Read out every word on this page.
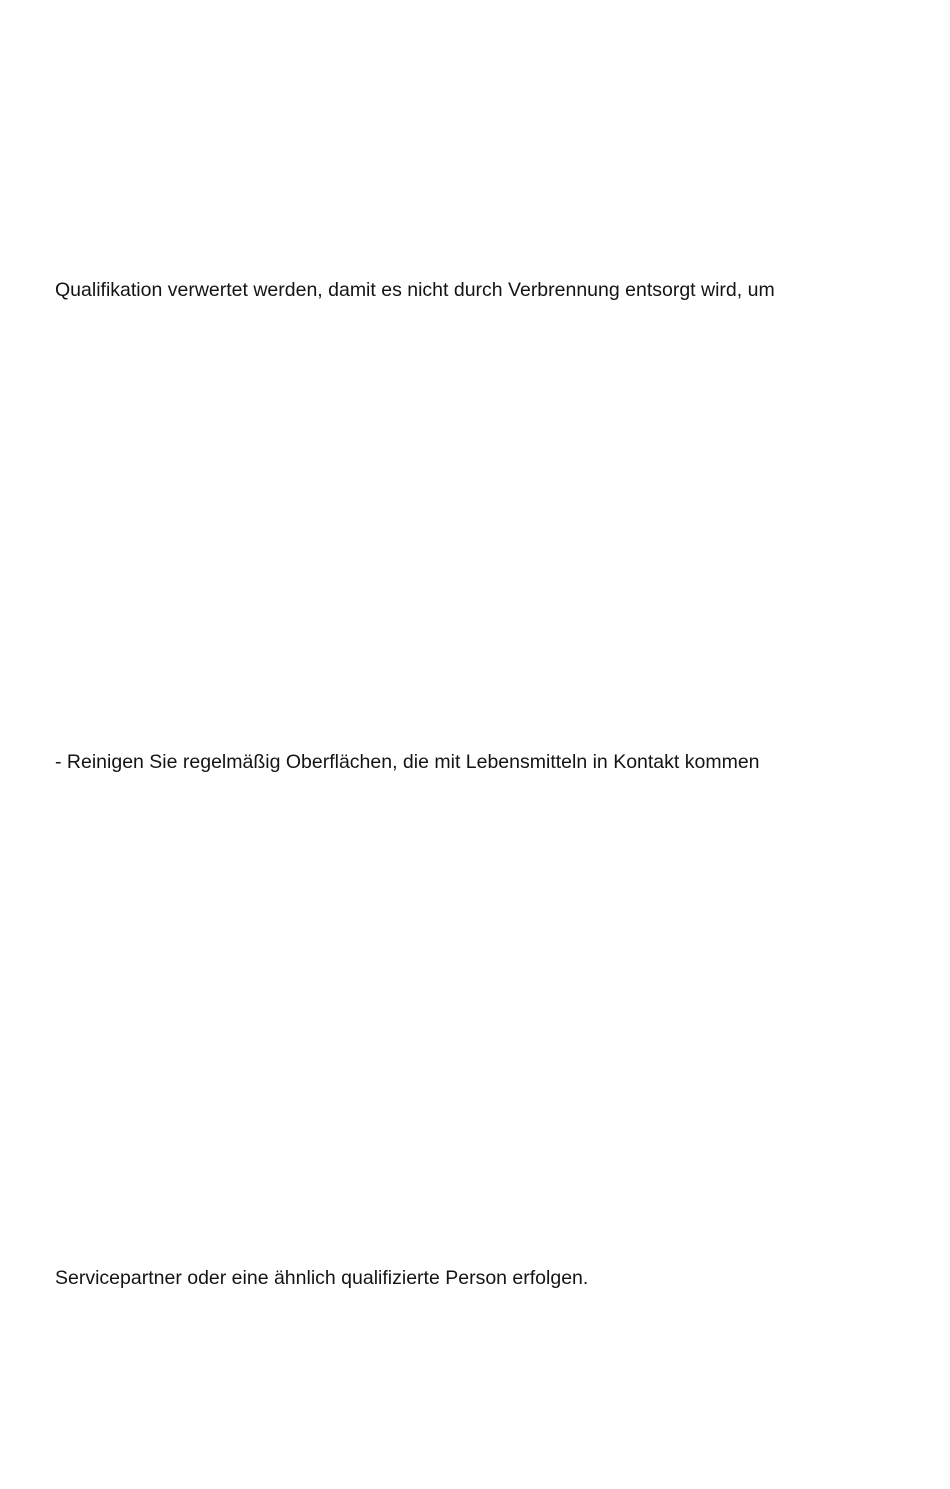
Qualifikation verwertet werden, damit es nicht durch Verbrennung entsorgt wird, um
- Reinigen Sie regelmäßig Oberflächen, die mit Lebensmitteln in Kontakt kommen
Servicepartner oder eine ähnlich qualifizierte Person erfolgen.
